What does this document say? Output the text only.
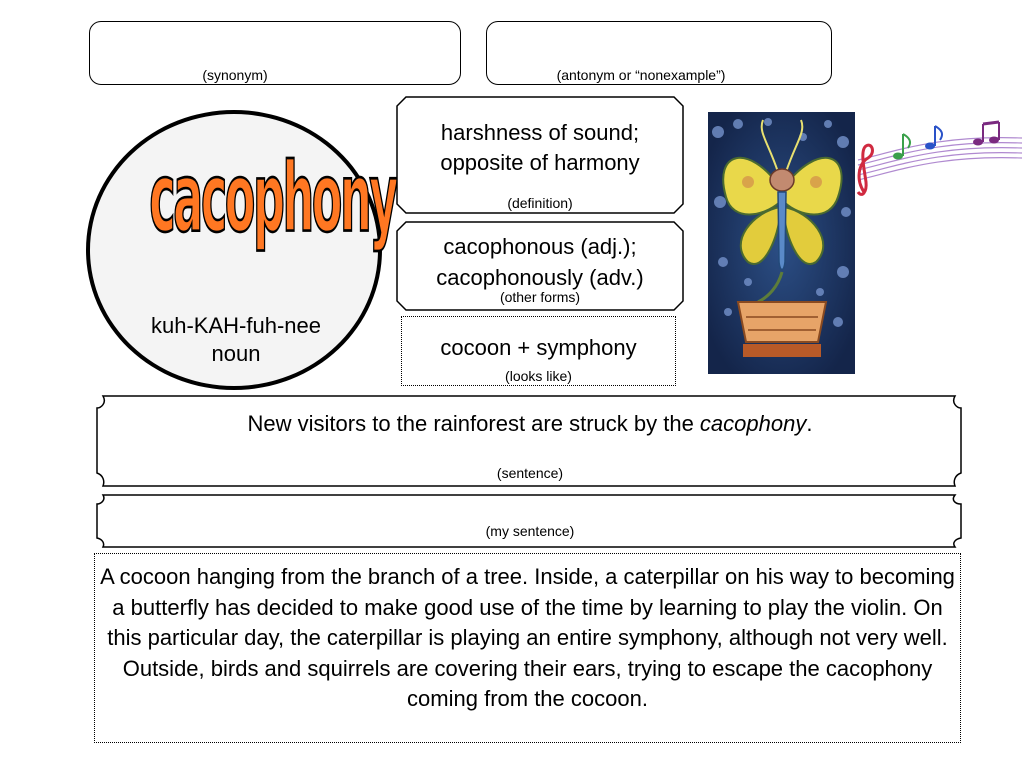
(synonym)	(antonym or “nonexample”)
cacophony
kuh-KAH-fuh-nee
noun
harshness of sound;
opposite of harmony
(definition)
cacophonous (adj.);
cacophonously (adv.)
(other forms)
cocoon + symphony
(looks like)
New visitors to the rainforest are struck by the cacophony.
(sentence)
(my sentence)
A cocoon hanging from the branch of a tree. Inside, a caterpillar on his way to becoming a butterfly has decided to make good use of the time by learning to play the violin. On this particular day, the caterpillar is playing an entire symphony, although not very well. Outside, birds and squirrels are covering their ears, trying to escape the cacophony coming from the cocoon.
